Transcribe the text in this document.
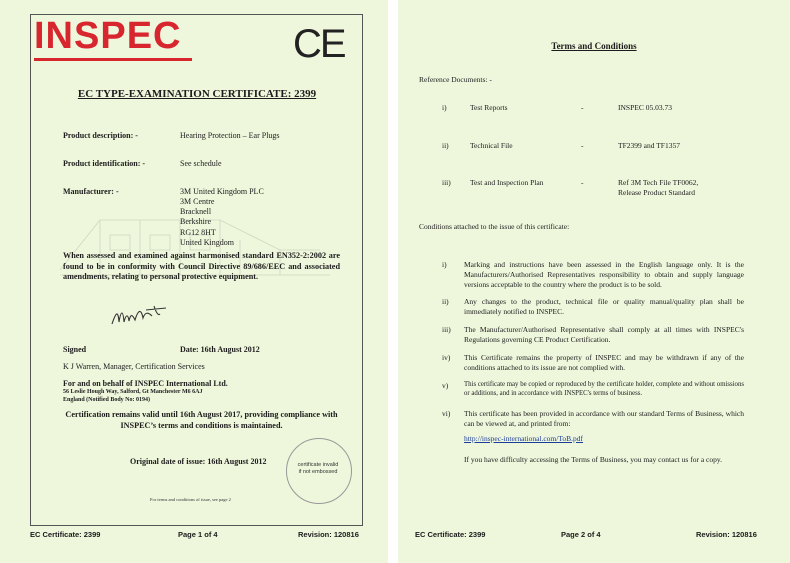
INSPEC	CE
EC TYPE-EXAMINATION CERTIFICATE: 2399
Product description: -	Hearing Protection – Ear Plugs
Product identification: -	See schedule
Manufacturer: -	3M United Kingdom PLC
3M Centre
Bracknell
Berkshire
RG12 8HT
United Kingdom
When assessed and examined against harmonised standard EN352-2:2002 are found to be in conformity with Council Directive 89/686/EEC and associated amendments, relating to personal protective equipment.
Signed	Date: 16th August 2012
K J Warren, Manager, Certification Services
For and on behalf of INSPEC International Ltd.
56 Leslie Hough Way, Salford, Gt Manchester M6 6AJ
England (Notified Body No: 0194)
Certification remains valid until 16th August 2017, providing compliance with INSPEC’s terms and conditions is maintained.
Original date of issue: 16th August 2012	certificate invalid
if not embossed
For terms and conditions of issue, see page 2
EC Certificate: 2399	Page 1 of 4	Revision: 120816
Terms and Conditions
Reference Documents: -
i)	Test Reports	-	INSPEC 05.03.73
ii)	Technical File	-	TF2399 and TF1357
iii)	Test and Inspection Plan	-	Ref 3M Tech File TF0062,
Release Product Standard
Conditions attached to the issue of this certificate:
i) Marking and instructions have been assessed in the English language only. It is the Manufacturers/Authorised Representatives responsibility to obtain and supply language versions acceptable to the country where the product is to be sold.
ii) Any changes to the product, technical file or quality manual/quality plan shall be immediately notified to INSPEC.
iii) The Manufacturer/Authorised Representative shall comply at all times with INSPEC's Regulations governing CE Product Certification.
iv) This Certificate remains the property of INSPEC and may be withdrawn if any of the conditions attached to its issue are not complied with.
v) This certificate may be copied or reproduced by the certificate holder, complete and without omissions or additions, and in accordance with INSPEC's terms of business.
vi) This certificate has been provided in accordance with our standard Terms of Business, which can be viewed at, and printed from:
http://inspec-international.com/ToB.pdf
If you have difficulty accessing the Terms of Business, you may contact us for a copy.
EC Certificate: 2399	Page 2 of 4	Revision: 120816
